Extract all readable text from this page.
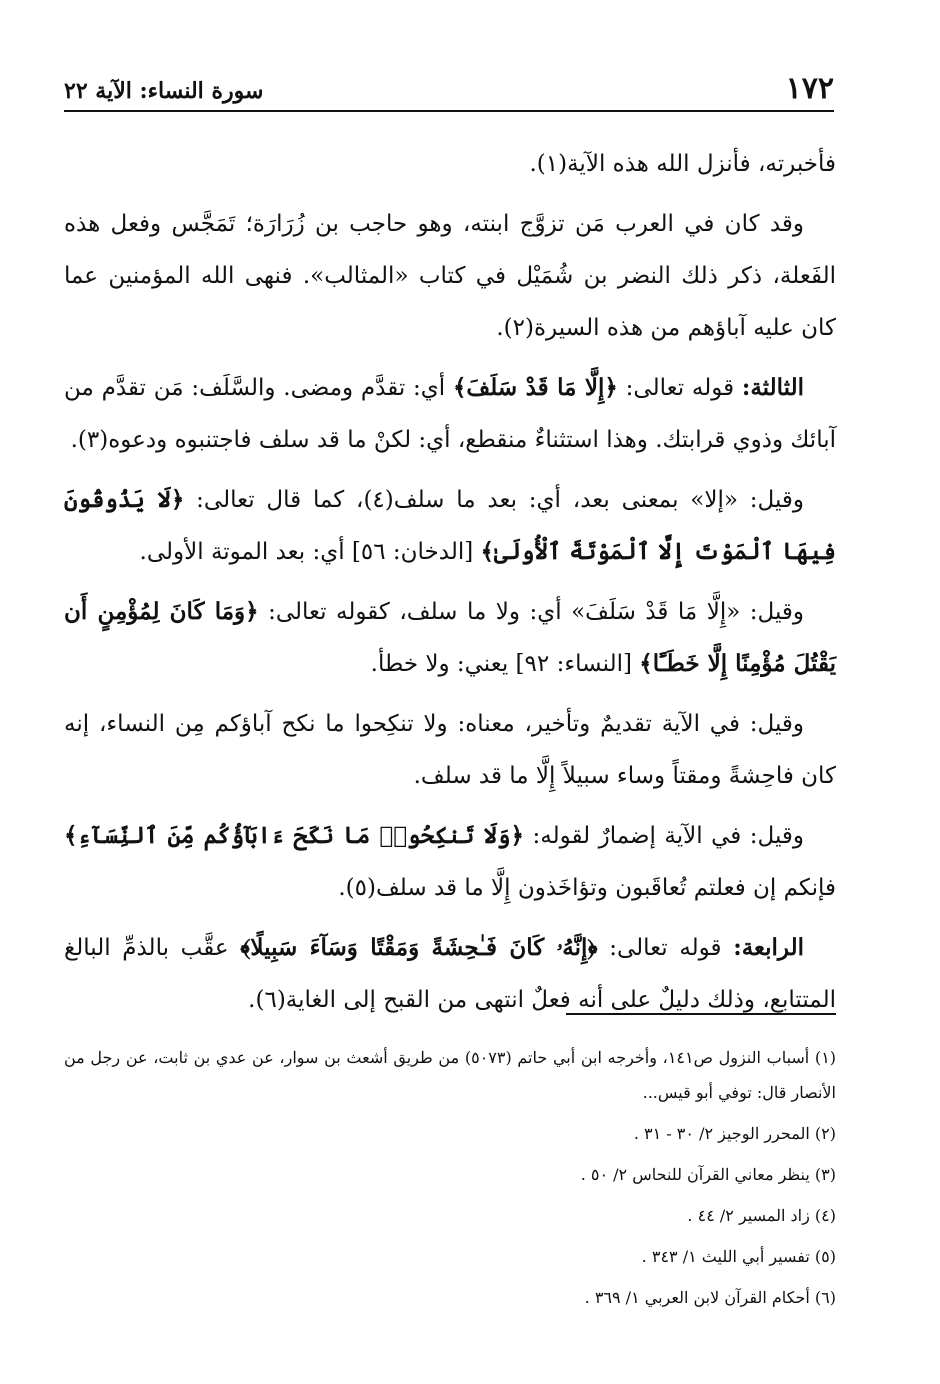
١٧٢
سورة النساء: الآية ٢٢

فأخبرته، فأنزل الله هذه الآية(١).

وقد كان في العرب مَن تزوَّج ابنته، وهو حاجب بن زُرَارَة؛ تَمَجَّس وفعل هذه الفَعلة، ذكر ذلك النضر بن شُمَيْل في كتاب «المثالب». فنهى الله المؤمنين عما كان عليه آباؤهم من هذه السيرة(٢).

الثالثة: قوله تعالى: ﴿إِلَّا مَا قَدْ سَلَفَ﴾ أي: تقدَّم ومضى. والسَّلَف: مَن تقدَّم من آبائك وذوي قرابتك. وهذا استثناءٌ منقطع، أي: لكنْ ما قد سلف فاجتنبوه ودعوه(٣).

وقيل: «إلا» بمعنى بعد، أي: بعد ما سلف(٤)، كما قال تعالى: ﴿لَا يَذُوقُونَ فِيهَا ٱلْمَوْتَ إِلَّا ٱلْمَوْتَةَ ٱلْأُولَىٰ﴾ [الدخان: ٥٦] أي: بعد الموتة الأولى.

وقيل: «إِلَّا مَا قَدْ سَلَفَ» أي: ولا ما سلف، كقوله تعالى: ﴿وَمَا كَانَ لِمُؤْمِنٍ أَن يَقْتُلَ مُؤْمِنًا إِلَّا خَطَـًٔا﴾ [النساء: ٩٢] يعني: ولا خطأ.

وقيل: في الآية تقديمٌ وتأخير، معناه: ولا تنكِحوا ما نكح آباؤكم مِن النساء، إنه كان فاحِشةً ومقتاً وساء سبيلاً إِلَّا ما قد سلف.

وقيل: في الآية إضمارٌ لقوله: ﴿وَلَا تَنكِحُوا۟ مَا نَكَحَ ءَابَآؤُكُم مِّنَ ٱلنِّسَآءِ﴾ فإنكم إن فعلتم تُعاقَبون وتؤاخَذون إِلَّا ما قد سلف(٥).

الرابعة: قوله تعالى: ﴿إِنَّهُۥ كَانَ فَـٰحِشَةً وَمَقْتًا وَسَآءَ سَبِيلًا﴾ عقَّب بالذمِّ البالغ المتتابع، وذلك دليلٌ على أنه فعلٌ انتهى من القبح إلى الغاية(٦).

(١) أسباب النزول ص١٤١، وأخرجه ابن أبي حاتم (٥٠٧٣) من طريق أشعث بن سوار، عن عدي بن ثابت، عن رجل من الأنصار قال: توفي أبو قيس...

(٢) المحرر الوجيز ٢/ ٣٠ - ٣١ .

(٣) ينظر معاني القرآن للنحاس ٢/ ٥٠ .

(٤) زاد المسير ٢/ ٤٤ .

(٥) تفسير أبي الليث ١/ ٣٤٣ .

(٦) أحكام القرآن لابن العربي ١/ ٣٦٩ .
